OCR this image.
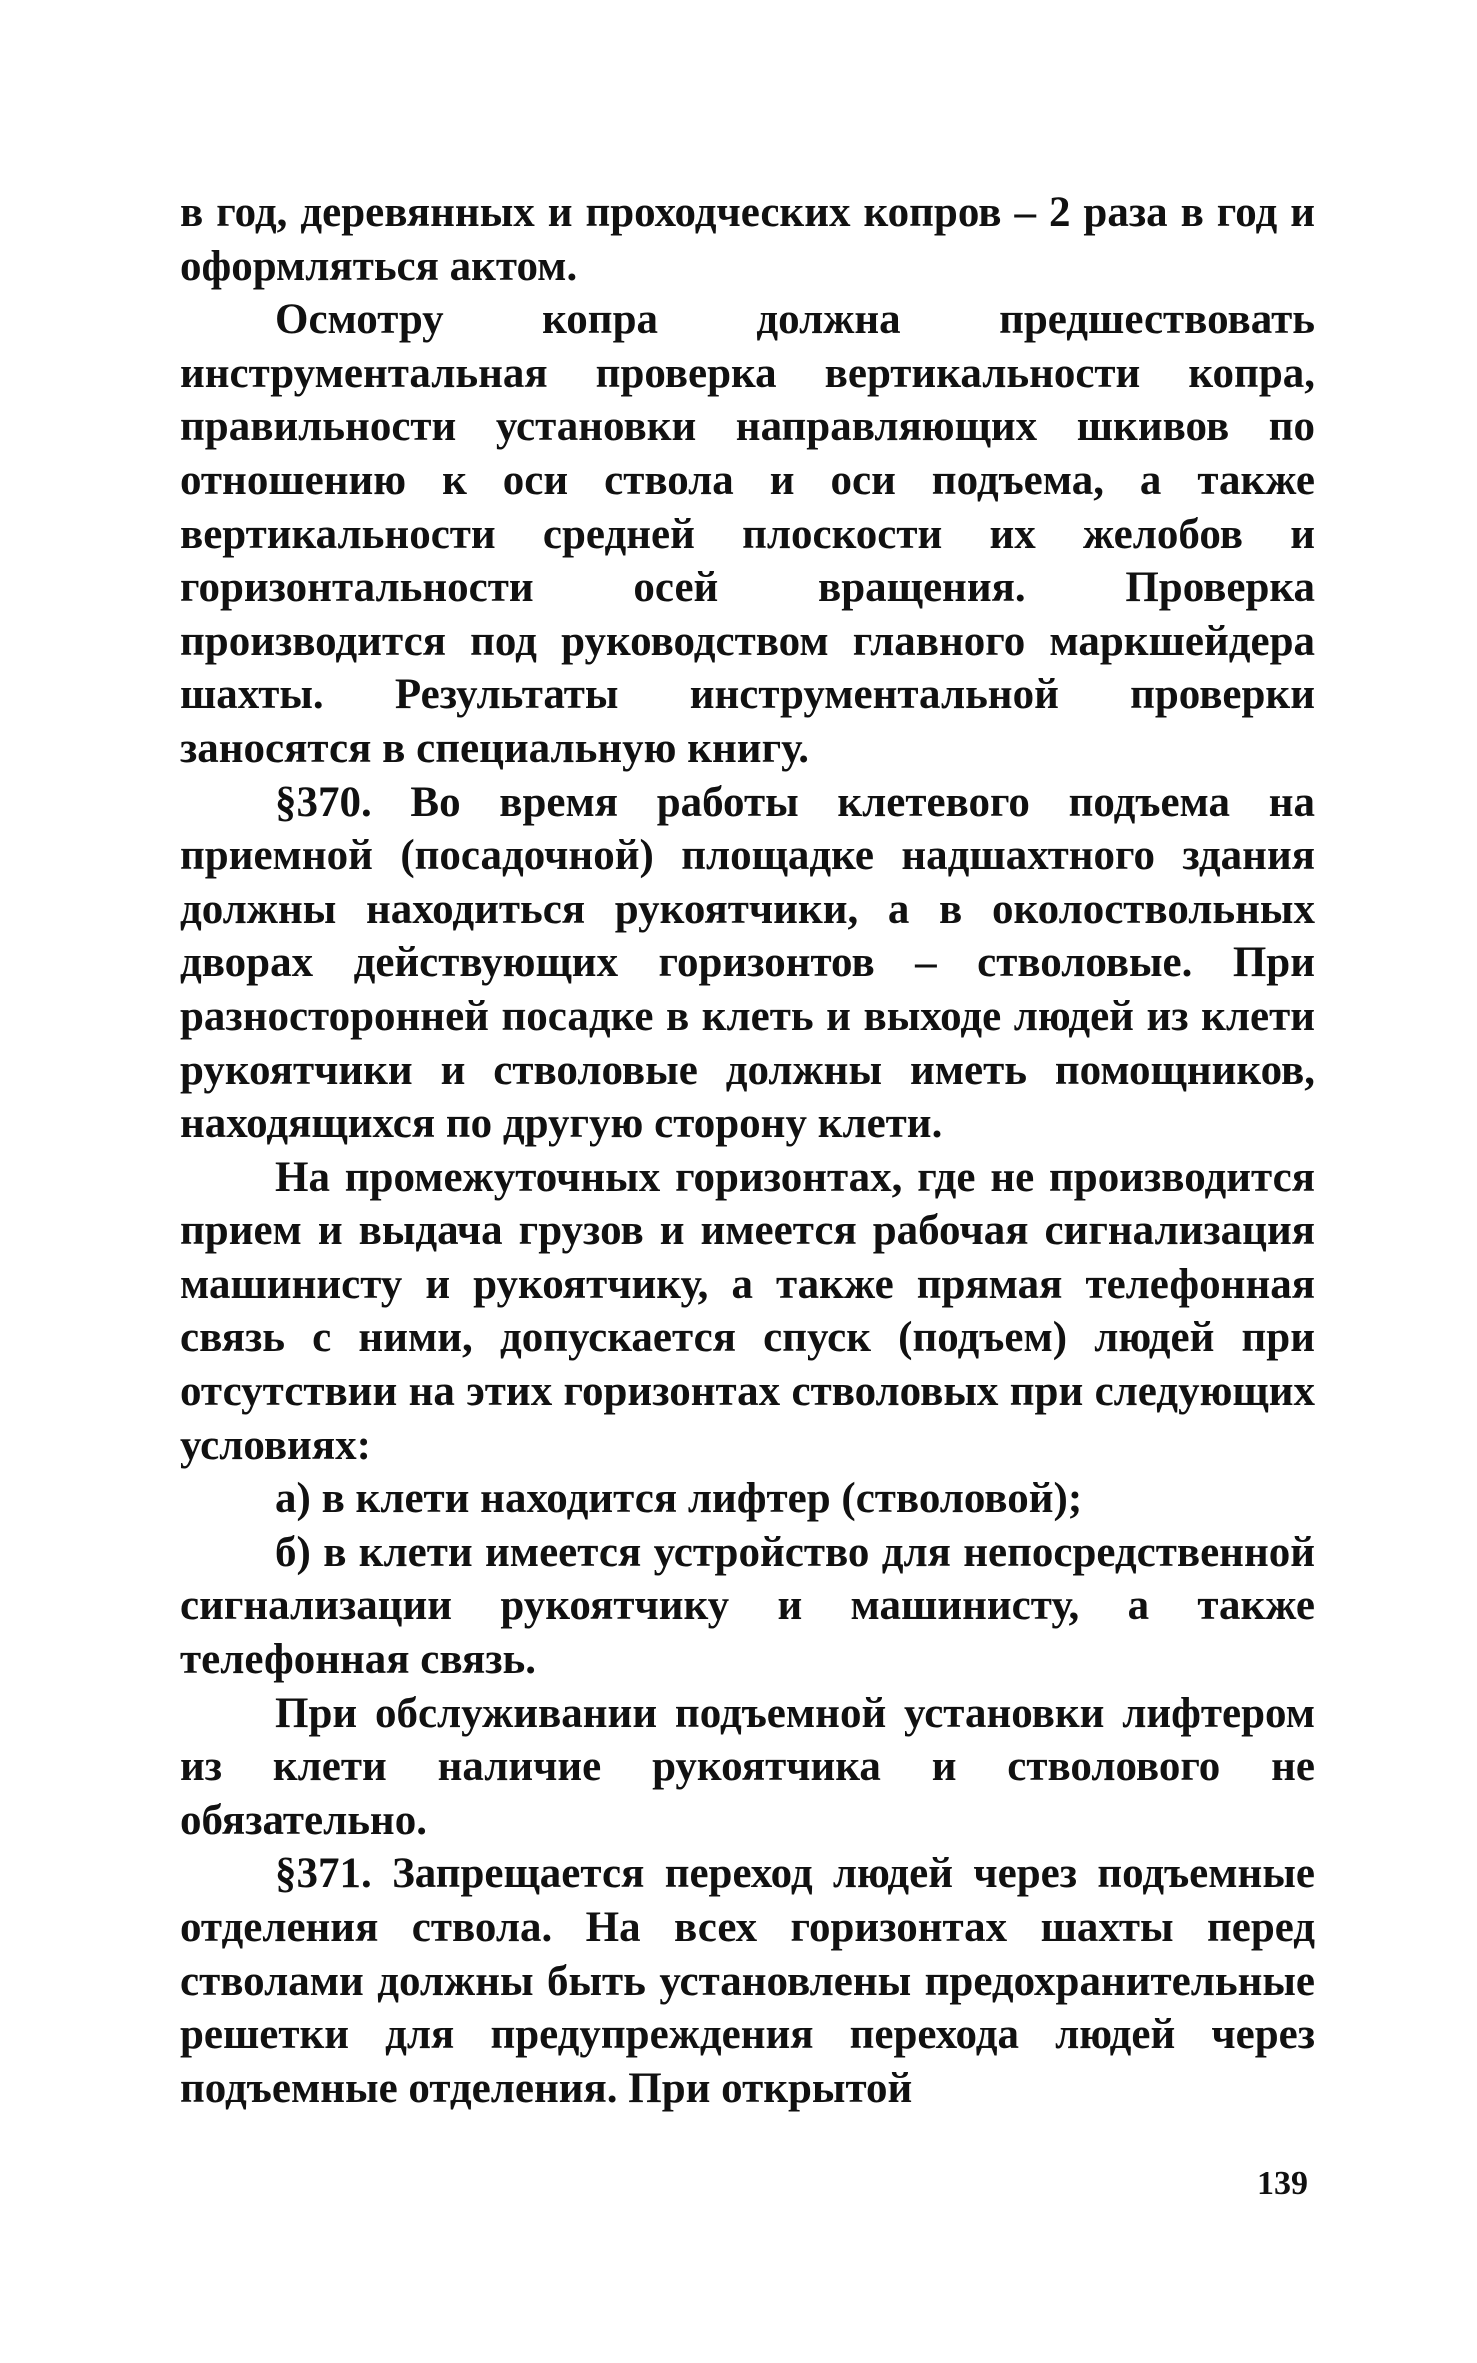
в год, деревянных и проходческих копров – 2 раза в год и оформляться актом.

Осмотру копра должна предшествовать инструментальная проверка вертикальности копра, правильности установки направляющих шкивов по отношению к оси ствола и оси подъема, а также вертикальности средней плоскости их желобов и горизонтальности осей вращения. Проверка производится под руководством главного маркшейдера шахты. Результаты инструментальной проверки заносятся в специальную книгу.

§370. Во время работы клетевого подъема на приемной (посадочной) площадке надшахтного здания должны находиться рукоятчики, а в околоствольных дворах действующих горизонтов – стволовые. При разносторонней посадке в клеть и выходе людей из клети рукоятчики и стволовые должны иметь помощников, находящихся по другую сторону клети.

На промежуточных горизонтах, где не производится прием и выдача грузов и имеется рабочая сигнализация машинисту и рукоятчику, а также прямая телефонная связь с ними, допускается спуск (подъем) людей при отсутствии на этих горизонтах стволовых при следующих условиях:

а) в клети находится лифтер (стволовой);

б) в клети имеется устройство для непосредственной сигнализации рукоятчику и машинисту, а также телефонная связь.

При обслуживании подъемной установки лифтером из клети наличие рукоятчика и стволового не обязательно.

§371. Запрещается переход людей через подъемные отделения ствола. На всех горизонтах шахты перед стволами должны быть установлены предохранительные решетки для предупреждения перехода людей через подъемные отделения. При открытой

139
